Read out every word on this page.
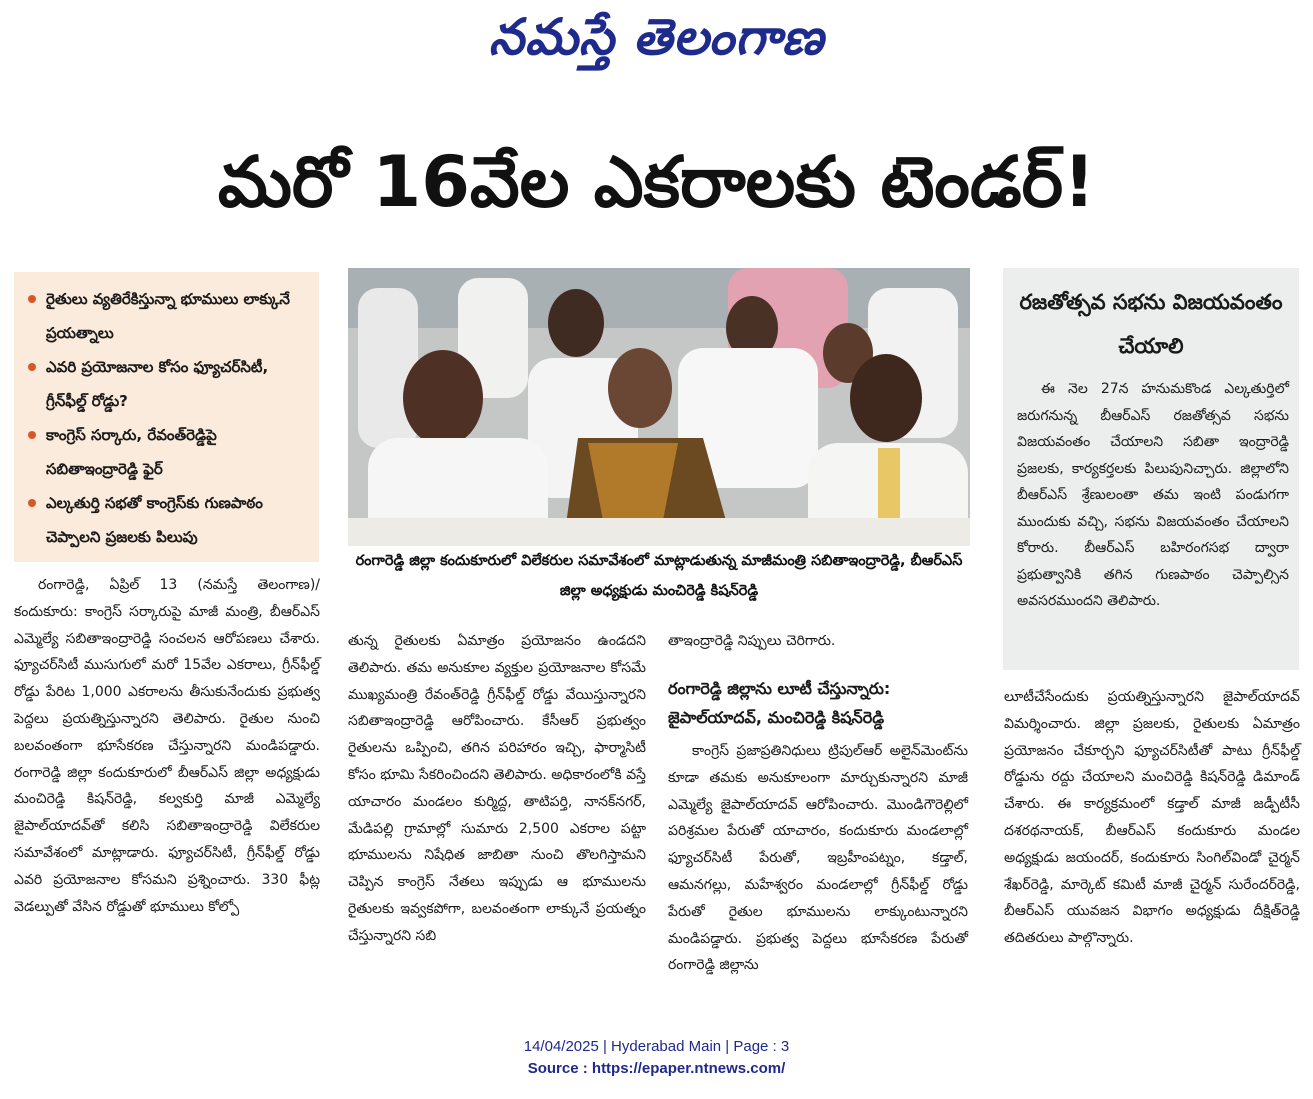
నమస్తే తెలంగాణ
మరో 16వేల ఎకరాలకు టెండర్!
రైతులు వ్యతిరేకిస్తున్నా భూములు లాక్కునే ప్రయత్నాలు
ఎవరి ప్రయోజనాల కోసం ఫ్యూచర్‌సిటీ, గ్రీన్‌ఫీల్డ్ రోడ్డు?
కాంగ్రెస్ సర్కారు, రేవంత్‌రెడ్డిపై సబితాఇంద్రారెడ్డి ఫైర్
ఎల్కతుర్తి సభతో కాంగ్రెస్‌కు గుణపాఠం చెప్పాలని ప్రజలకు పిలుపు
రంగారెడ్డి జిల్లా కందుకూరులో విలేకరుల సమావేశంలో మాట్లాడుతున్న మాజీమంత్రి సబితాఇంద్రారెడ్డి, బీఆర్‌ఎస్ జిల్లా అధ్యక్షుడు మంచిరెడ్డి కిషన్‌రెడ్డి
రజతోత్సవ సభను విజయవంతం చేయాలి
ఈ నెల 27న హనుమకొండ ఎల్కతుర్తిలో జరుగనున్న బీఆర్‌ఎస్ రజతోత్సవ సభను విజయవంతం చేయాలని సబితా ఇంద్రారెడ్డి ప్రజలకు, కార్యకర్తలకు పిలుపునిచ్చారు. జిల్లాలోని బీఆర్‌ఎస్ శ్రేణులంతా తమ ఇంటి పండుగగా ముందుకు వచ్చి, సభను విజయవంతం చేయాలని కోరారు. బీఆర్‌ఎస్ బహిరంగసభ ద్వారా ప్రభుత్వానికి తగిన గుణపాఠం చెప్పాల్సిన అవసరముందని తెలిపారు.
రంగారెడ్డి, ఏప్రిల్ 13 (నమస్తే తెలంగాణ)/కందుకూరు: కాంగ్రెస్ సర్కారుపై మాజీ మంత్రి, బీఆర్‌ఎస్ ఎమ్మెల్యే సబితాఇంద్రారెడ్డి సంచలన ఆరోపణలు చేశారు. ఫ్యూచర్‌సిటీ ముసుగులో మరో 15వేల ఎకరాలు, గ్రీన్‌ఫీల్డ్ రోడ్డు పేరిట 1,000 ఎకరాలను తీసుకునేందుకు ప్రభుత్వ పెద్దలు ప్రయత్నిస్తున్నారని తెలిపారు. రైతుల నుంచి బలవంతంగా భూసేకరణ చేస్తున్నారని మండిపడ్డారు. రంగారెడ్డి జిల్లా కందుకూరులో బీఆర్‌ఎస్ జిల్లా అధ్యక్షుడు మంచిరెడ్డి కిషన్‌రెడ్డి, కల్వకుర్తి మాజీ ఎమ్మెల్యే జైపాల్‌యాదవ్‌తో కలిసి సబితాఇంద్రారెడ్డి విలేకరుల సమావేశంలో మాట్లాడారు. ఫ్యూచర్‌సిటీ, గ్రీన్‌ఫీల్డ్ రోడ్డు ఎవరి ప్రయోజనాల కోసమని ప్రశ్నించారు. 330 ఫీట్ల వెడల్పుతో వేసిన రోడ్డుతో భూములు కోల్పో
తున్న రైతులకు ఏమాత్రం ప్రయోజనం ఉండదని తెలిపారు. తమ అనుకూల వ్యక్తుల ప్రయోజనాల కోసమే ముఖ్యమంత్రి రేవంత్‌రెడ్డి గ్రీన్‌ఫీల్డ్ రోడ్డు వేయిస్తున్నారని సబితాఇంద్రారెడ్డి ఆరోపించారు. కేసీఆర్ ప్రభుత్వం రైతులను ఒప్పించి, తగిన పరిహారం ఇచ్చి, ఫార్మాసిటీ కోసం భూమి సేకరించిందని తెలిపారు. అధికారంలోకి వస్తే యాచారం మండలం కుర్మిద్ద, తాటిపర్తి, నానక్‌నగర్, మేడిపల్లి గ్రామాల్లో సుమారు 2,500 ఎకరాల పట్టా భూములను నిషేధిత జాబితా నుంచి తొలగిస్తామని చెప్పిన కాంగ్రెస్ నేతలు ఇప్పుడు ఆ భూములను రైతులకు ఇవ్వకపోగా, బలవంతంగా లాక్కునే ప్రయత్నం చేస్తున్నారని సబి
తాఇంద్రారెడ్డి నిప్పులు చెరిగారు.
రంగారెడ్డి జిల్లాను లూటీ చేస్తున్నారు: జైపాల్‌యాదవ్, మంచిరెడ్డి కిషన్‌రెడ్డి
కాంగ్రెస్ ప్రజాప్రతినిధులు ట్రిపుల్‌ఆర్ అలైన్‌మెంట్‌ను కూడా తమకు అనుకూలంగా మార్చుకున్నారని మాజీ ఎమ్మెల్యే జైపాల్‌యాదవ్ ఆరోపించారు. మొండిగౌరెల్లిలో పరిశ్రమల పేరుతో యాచారం, కందుకూరు మండలాల్లో ఫ్యూచర్‌సిటీ పేరుతో, ఇబ్రహీంపట్నం, కడ్తాల్, ఆమనగల్లు, మహేశ్వరం మండలాల్లో గ్రీన్‌ఫీల్డ్ రోడ్డు పేరుతో రైతుల భూములను లాక్కుంటున్నారని మండిపడ్డారు. ప్రభుత్వ పెద్దలు భూసేకరణ పేరుతో రంగారెడ్డి జిల్లాను
లూటీచేసేందుకు ప్రయత్నిస్తున్నారని జైపాల్‌యాదవ్ విమర్శించారు. జిల్లా ప్రజలకు, రైతులకు ఏమాత్రం ప్రయోజనం చేకూర్చని ఫ్యూచర్‌సిటీతో పాటు గ్రీన్‌ఫీల్డ్ రోడ్డును రద్దు చేయాలని మంచిరెడ్డి కిషన్‌రెడ్డి డిమాండ్ చేశారు. ఈ కార్యక్రమంలో కడ్తాల్ మాజీ జడ్పీటీసీ దశరథనాయక్, బీఆర్‌ఎస్ కందుకూరు మండల అధ్యక్షుడు జయందర్, కందుకూరు సింగిల్‌విండో చైర్మన్ శేఖర్‌రెడ్డి, మార్కెట్ కమిటీ మాజీ చైర్మన్ సురేందర్‌రెడ్డి, బీఆర్‌ఎస్ యువజన విభాగం అధ్యక్షుడు దీక్షిత్‌రెడ్డి తదితరులు పాల్గొన్నారు.
14/04/2025 | Hyderabad Main | Page : 3
Source : https://epaper.ntnews.com/
